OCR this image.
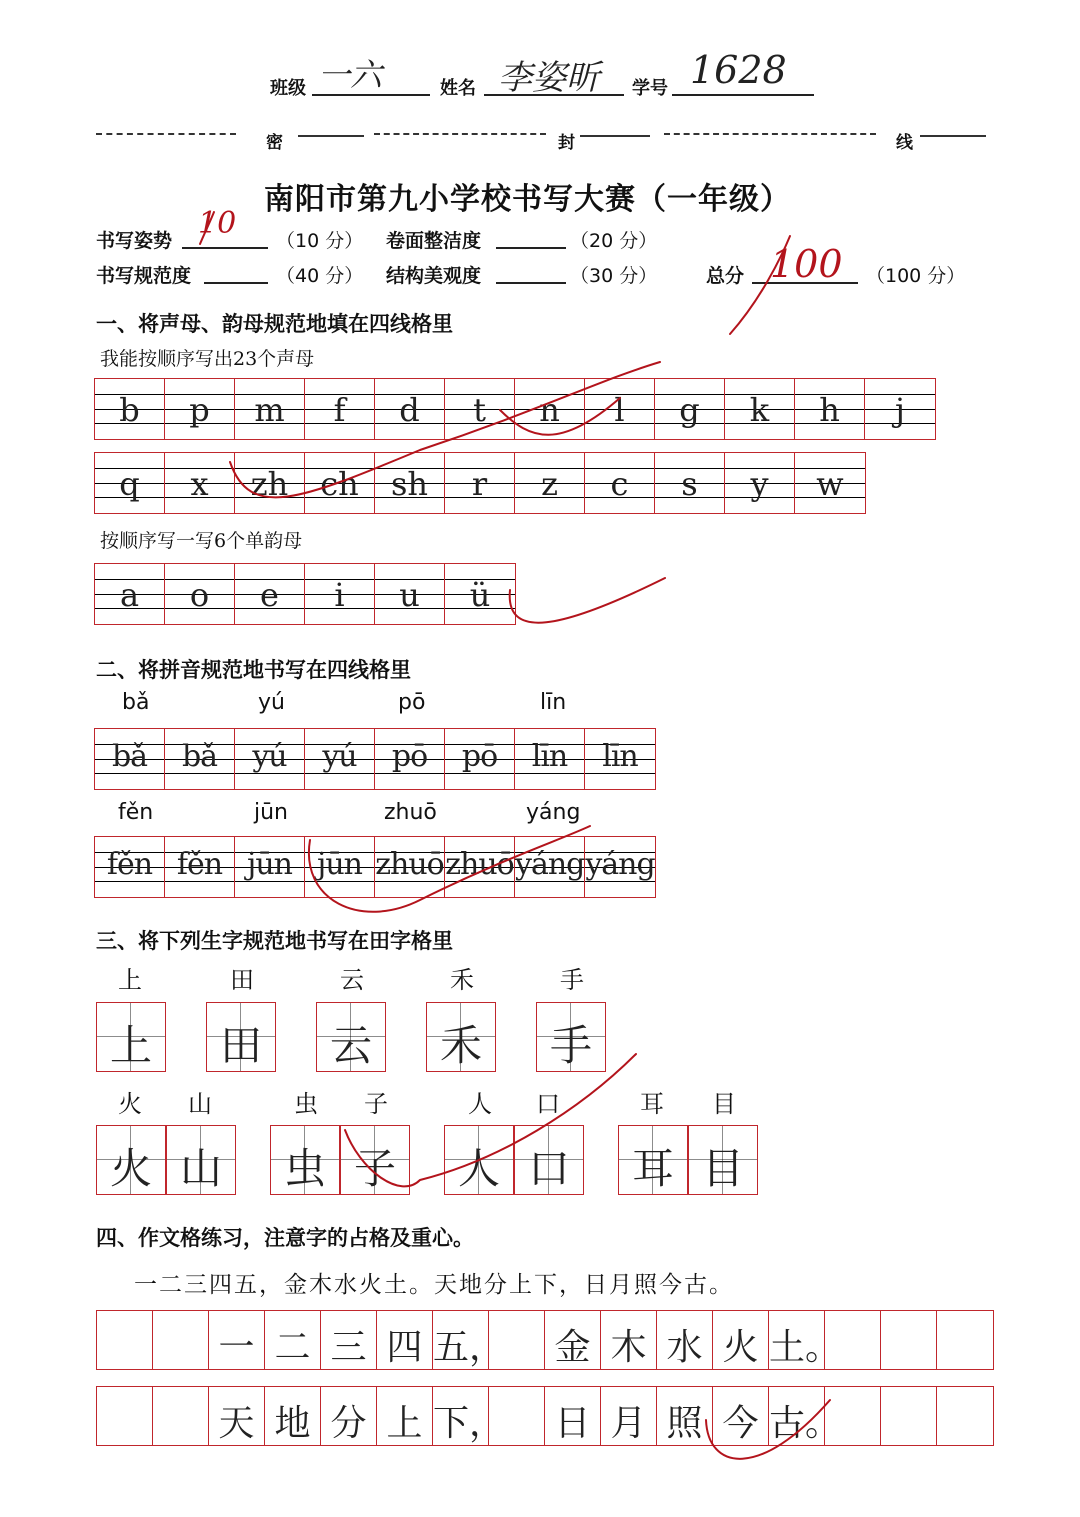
班级 一六	姓名 李姿昕 学号 1628
密	封	线
南阳市第九小学校书写大赛（一年级）
书写姿势 10 （10 分） 卷面整洁度	（20 分）
书写规范度	（40 分） 结构美观度	（30 分）	总分 100 （100 分）
一、将声母、韵母规范地填在四线格里
我能按顺序写出23个声母
b	p	m	f	d	t	n	l	g	k	h	j
q	x	zh	ch	sh	r	z	c	s	y	w
按顺序写一写6个单韵母
a	o	e	i	u	ü
二、将拼音规范地书写在四线格里
bǎ	yú	pō	līn
bǎ	bǎ	yú	yú	pō	pō	līn	līn
fěn	jūn	zhuō	yáng
fěn fěn jūn jūn zhuō zhuō yáng yáng
三、将下列生字规范地书写在田字格里
上	田	云	禾	手
上	田	云	禾	手
火 山	虫 子	人 口	耳 目
火 山	虫 子	人 口	耳 目
四、作文格练习，注意字的占格及重心。
一二三四五，金木水火土。天地分上下，日月照今古。
一 二 三 四 五， 金 木 水 火 土。
天 地 分 上 下， 日 月 照 今 古。
